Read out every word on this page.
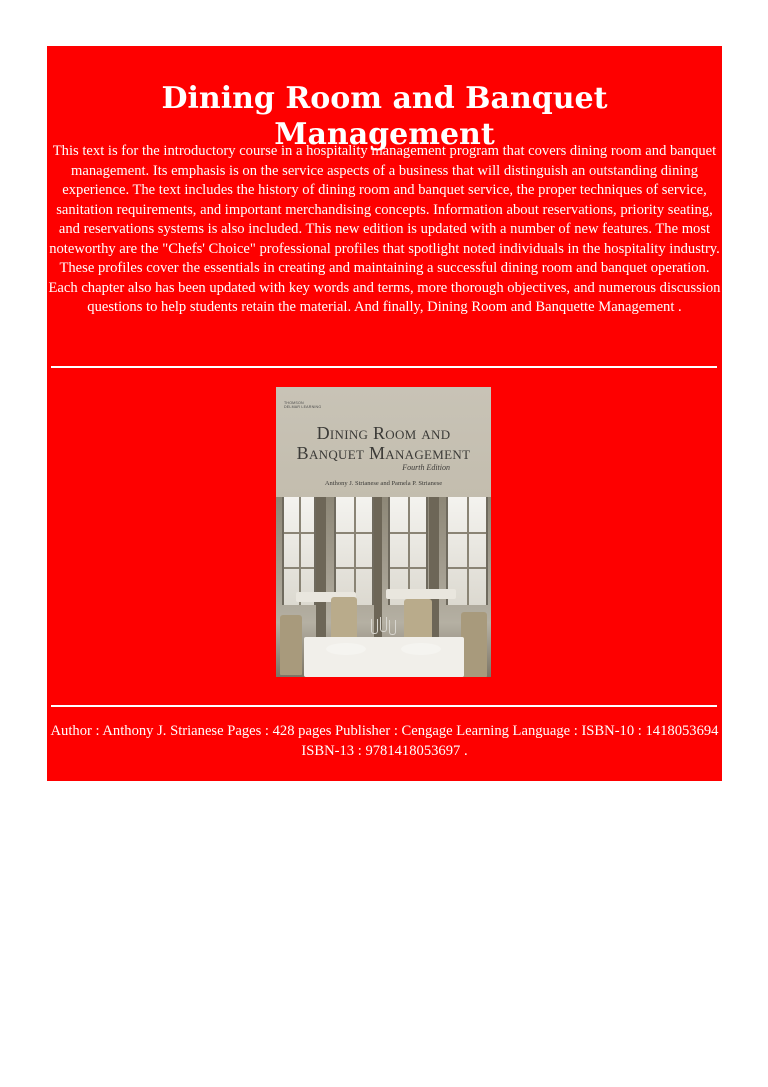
Dining Room and Banquet Management

This text is for the introductory course in a hospitality management program that covers dining room and banquet management. Its emphasis is on the service aspects of a business that will distinguish an outstanding dining experience. The text includes the history of dining room and banquet service, the proper techniques of service, sanitation requirements, and important merchandising concepts. Information about reservations, priority seating, and reservations systems is also included. This new edition is updated with a number of new features. The most noteworthy are the "Chefs' Choice" professional profiles that spotlight noted individuals in the hospitality industry. These profiles cover the essentials in creating and maintaining a successful dining room and banquet operation. Each chapter also has been updated with key words and terms, more thorough objectives, and numerous discussion questions to help students retain the material. And finally, Dining Room and Banquette Management .

THOMSON
DELMAR LEARNING
Dining Room and
Banquet Management
Fourth Edition
Anthony J. Strianese and Pamela P. Strianese

Author : Anthony J. Strianese Pages : 428 pages Publisher : Cengage Learning Language : ISBN-10 : 1418053694 ISBN-13 : 9781418053697 .
